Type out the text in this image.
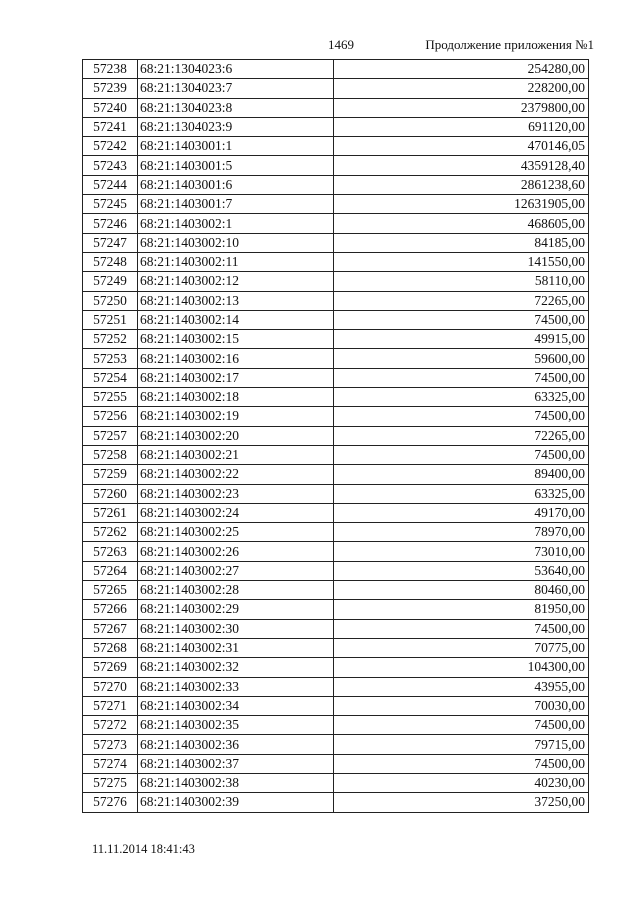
1469	Продолжение приложения №1
57238	68:21:1304023:6	254280,00
57239	68:21:1304023:7	228200,00
57240	68:21:1304023:8	2379800,00
57241	68:21:1304023:9	691120,00
57242	68:21:1403001:1	470146,05
57243	68:21:1403001:5	4359128,40
57244	68:21:1403001:6	2861238,60
57245	68:21:1403001:7	12631905,00
57246	68:21:1403002:1	468605,00
57247	68:21:1403002:10	84185,00
57248	68:21:1403002:11	141550,00
57249	68:21:1403002:12	58110,00
57250	68:21:1403002:13	72265,00
57251	68:21:1403002:14	74500,00
57252	68:21:1403002:15	49915,00
57253	68:21:1403002:16	59600,00
57254	68:21:1403002:17	74500,00
57255	68:21:1403002:18	63325,00
57256	68:21:1403002:19	74500,00
57257	68:21:1403002:20	72265,00
57258	68:21:1403002:21	74500,00
57259	68:21:1403002:22	89400,00
57260	68:21:1403002:23	63325,00
57261	68:21:1403002:24	49170,00
57262	68:21:1403002:25	78970,00
57263	68:21:1403002:26	73010,00
57264	68:21:1403002:27	53640,00
57265	68:21:1403002:28	80460,00
57266	68:21:1403002:29	81950,00
57267	68:21:1403002:30	74500,00
57268	68:21:1403002:31	70775,00
57269	68:21:1403002:32	104300,00
57270	68:21:1403002:33	43955,00
57271	68:21:1403002:34	70030,00
57272	68:21:1403002:35	74500,00
57273	68:21:1403002:36	79715,00
57274	68:21:1403002:37	74500,00
57275	68:21:1403002:38	40230,00
57276	68:21:1403002:39	37250,00
11.11.2014 18:41:43
